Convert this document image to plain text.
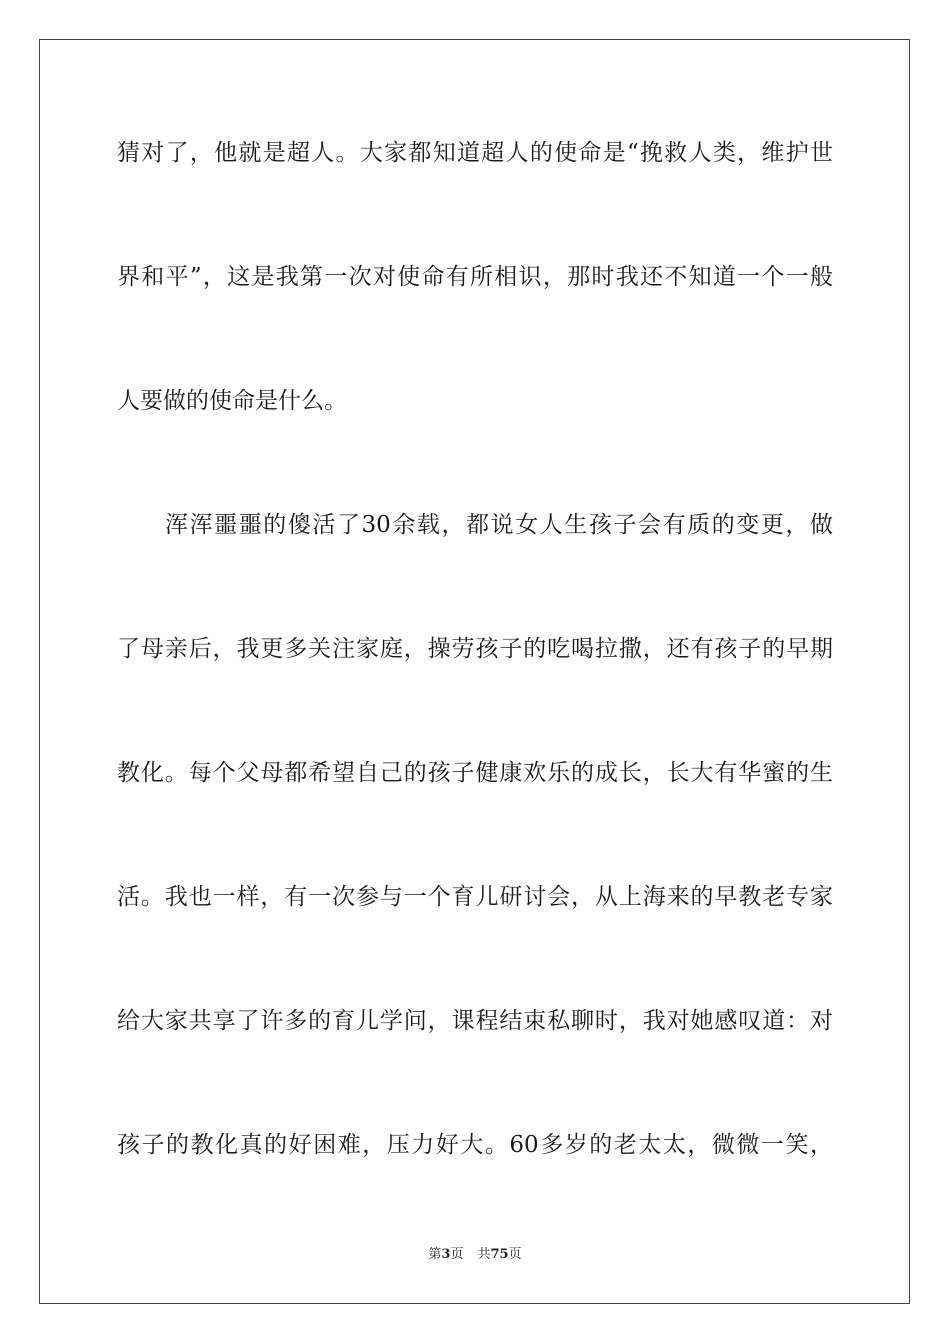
猜对了，他就是超人。大家都知道超人的使命是“挽救人类，维护世
界和平”，这是我第一次对使命有所相识，那时我还不知道一个一般
人要做的使命是什么。
浑浑噩噩的傻活了30余载，都说女人生孩子会有质的变更，做
了母亲后，我更多关注家庭，操劳孩子的吃喝拉撒，还有孩子的早期
教化。每个父母都希望自己的孩子健康欢乐的成长，长大有华蜜的生
活。我也一样，有一次参与一个育儿研讨会，从上海来的早教老专家
给大家共享了许多的育儿学问，课程结束私聊时，我对她感叹道：对
孩子的教化真的好困难，压力好大。60多岁的老太太，微微一笑，
第3页 共75页
